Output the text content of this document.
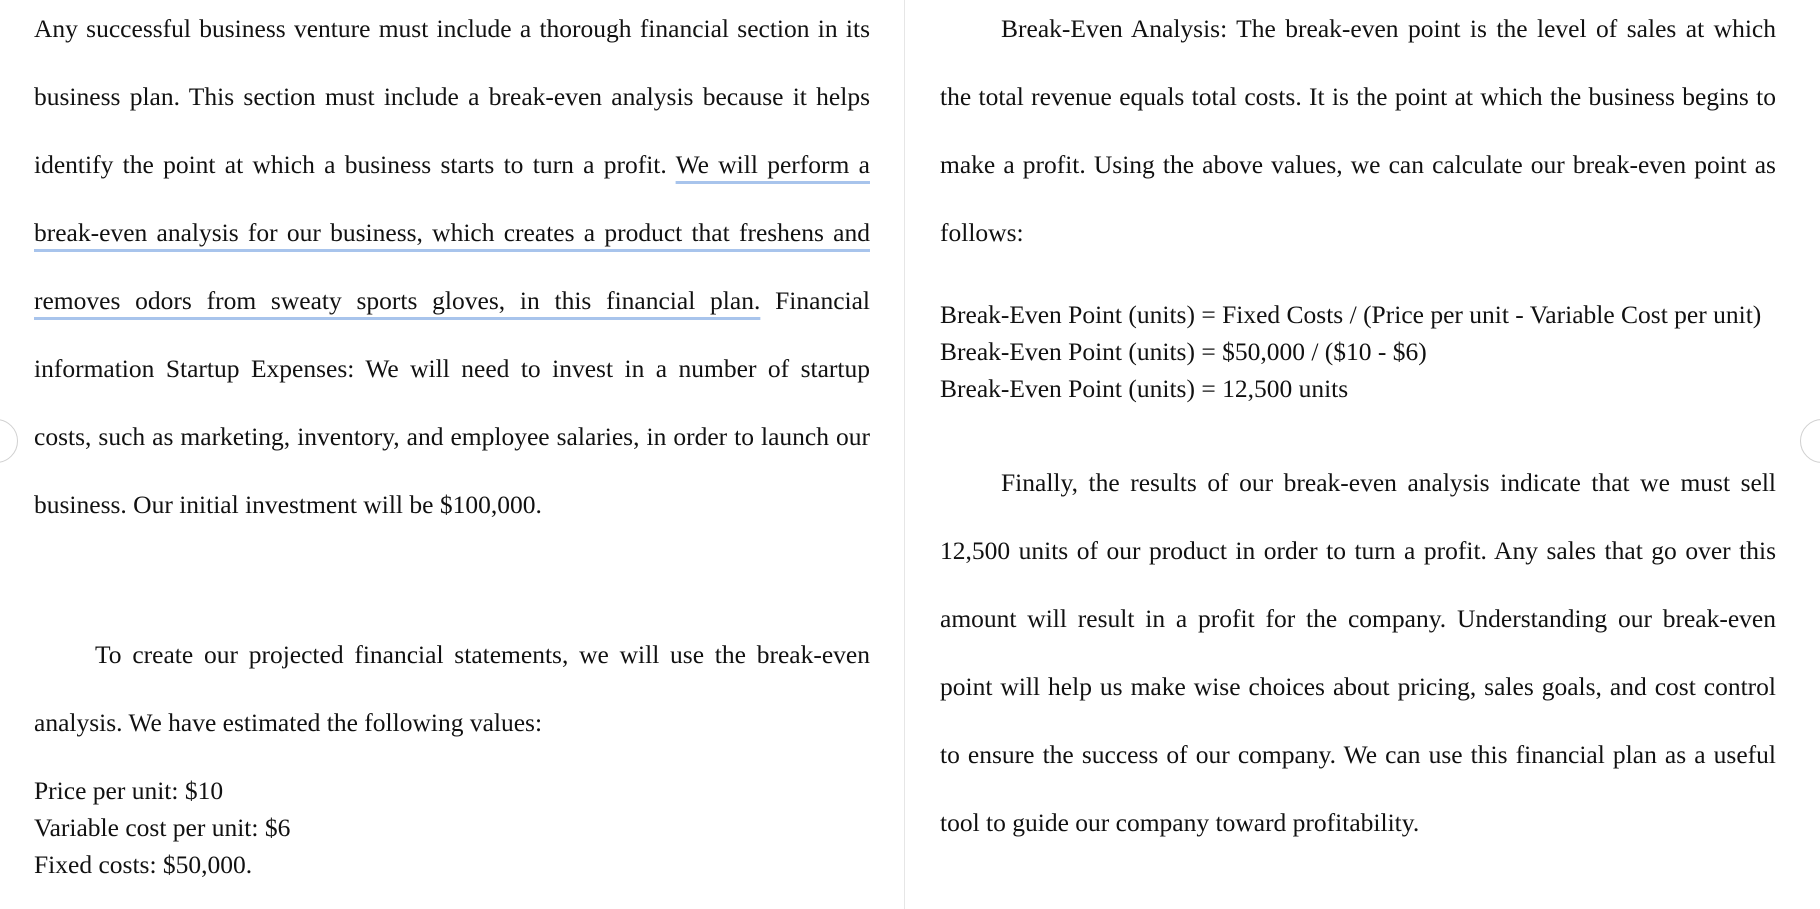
Any successful business venture must include a thorough financial section in its business plan. This section must include a break-even analysis because it helps identify the point at which a business starts to turn a profit. We will perform a break-even analysis for our business, which creates a product that freshens and removes odors from sweaty sports gloves, in this financial plan. Financial information Startup Expenses: We will need to invest in a number of startup costs, such as marketing, inventory, and employee salaries, in order to launch our business. Our initial investment will be $100,000.

To create our projected financial statements, we will use the break-even analysis. We have estimated the following values:

Price per unit: $10

Variable cost per unit: $6

Fixed costs: $50,000.

Break-Even Analysis: The break-even point is the level of sales at which the total revenue equals total costs. It is the point at which the business begins to make a profit. Using the above values, we can calculate our break-even point as follows:

Break-Even Point (units) = Fixed Costs / (Price per unit - Variable Cost per unit)

Break-Even Point (units) = $50,000 / ($10 - $6)

Break-Even Point (units) = 12,500 units

Finally, the results of our break-even analysis indicate that we must sell 12,500 units of our product in order to turn a profit. Any sales that go over this amount will result in a profit for the company. Understanding our break-even point will help us make wise choices about pricing, sales goals, and cost control to ensure the success of our company. We can use this financial plan as a useful tool to guide our company toward profitability.
